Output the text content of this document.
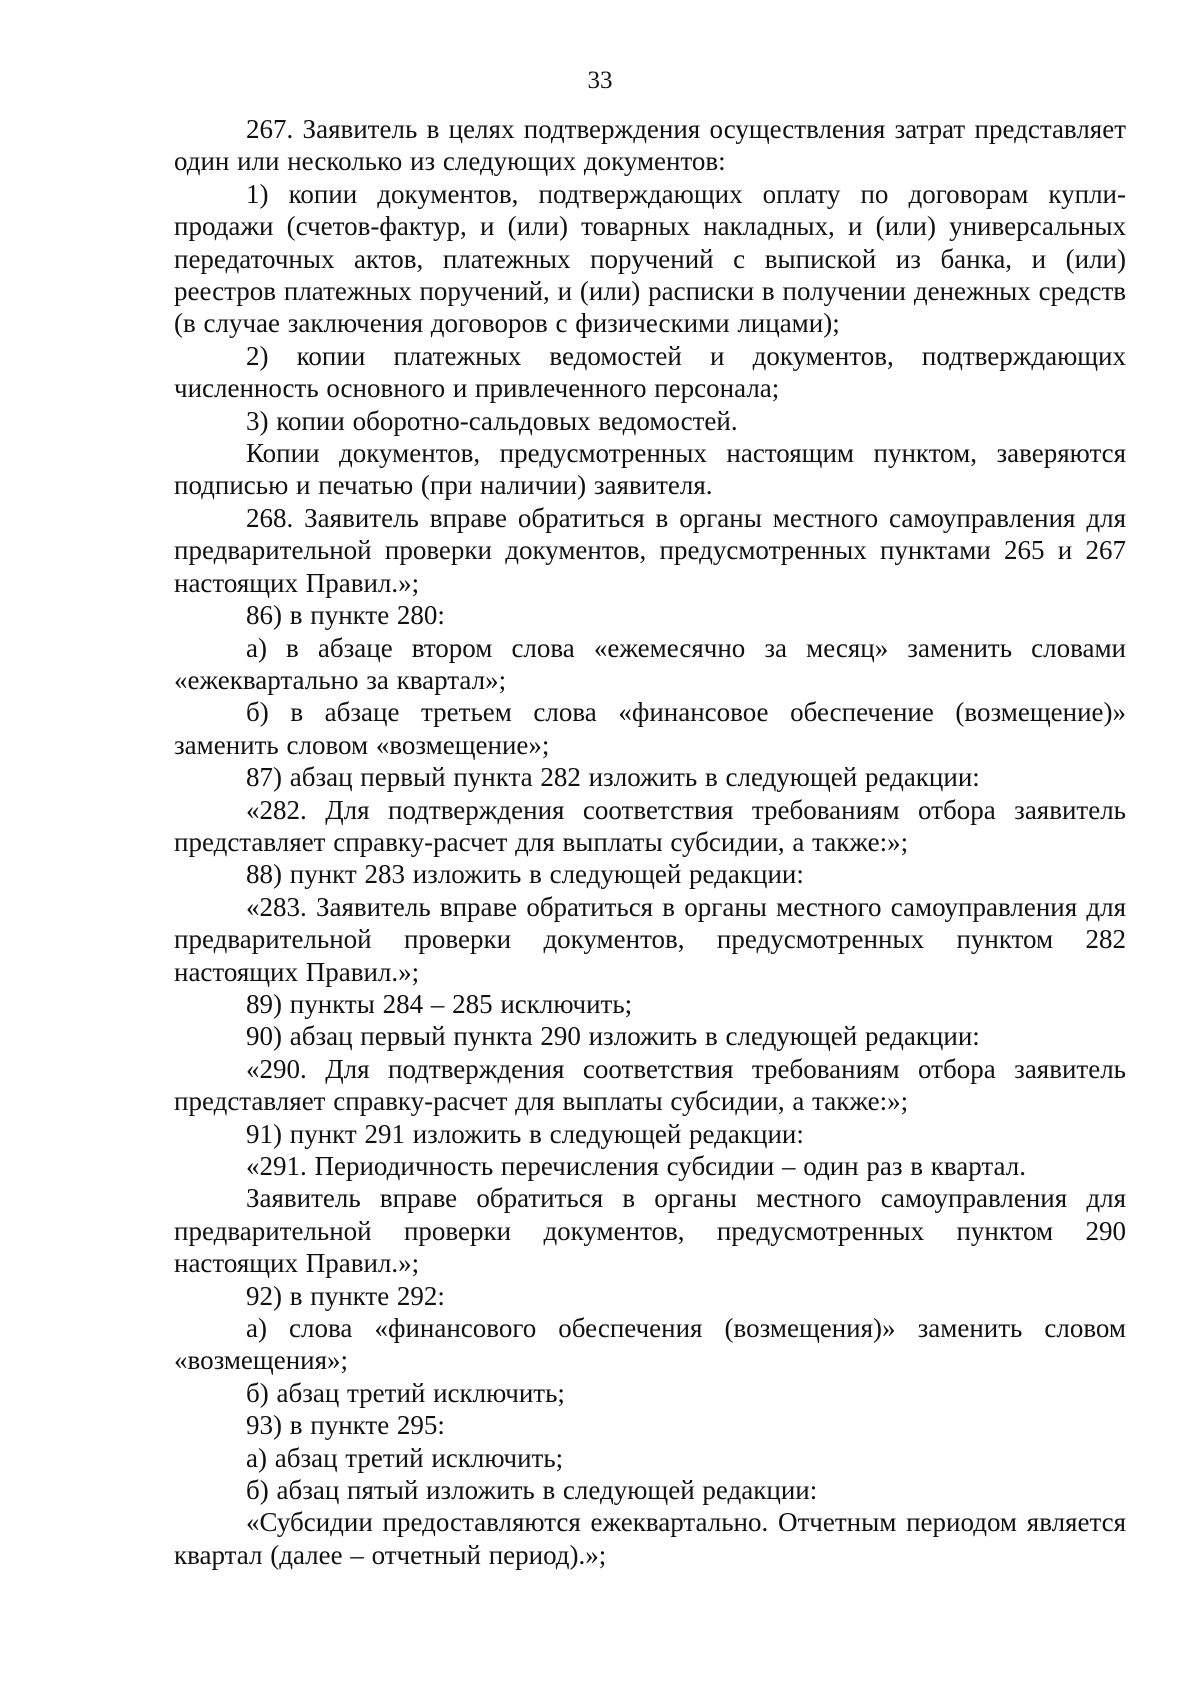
33

267. Заявитель в целях подтверждения осуществления затрат представляет один или несколько из следующих документов:

1) копии документов, подтверждающих оплату по договорам купли-продажи (счетов-фактур, и (или) товарных накладных, и (или) универсальных передаточных актов, платежных поручений с выпиской из банка, и (или) реестров платежных поручений, и (или) расписки в получении денежных средств (в случае заключения договоров с физическими лицами);

2) копии платежных ведомостей и документов, подтверждающих численность основного и привлеченного персонала;

3) копии оборотно-сальдовых ведомостей.

Копии документов, предусмотренных настоящим пунктом, заверяются подписью и печатью (при наличии) заявителя.

268. Заявитель вправе обратиться в органы местного самоуправления для предварительной проверки документов, предусмотренных пунктами 265 и 267 настоящих Правил.»;

86) в пункте 280:

а) в абзаце втором слова «ежемесячно за месяц» заменить словами «ежеквартально за квартал»;

б) в абзаце третьем слова «финансовое обеспечение (возмещение)» заменить словом «возмещение»;

87) абзац первый пункта 282 изложить в следующей редакции:

«282. Для подтверждения соответствия требованиям отбора заявитель представляет справку-расчет для выплаты субсидии, а также:»;

88) пункт 283 изложить в следующей редакции:

«283. Заявитель вправе обратиться в органы местного самоуправления для предварительной проверки документов, предусмотренных пунктом 282 настоящих Правил.»;

89) пункты 284 – 285 исключить;

90) абзац первый пункта 290 изложить в следующей редакции:

«290. Для подтверждения соответствия требованиям отбора заявитель представляет справку-расчет для выплаты субсидии, а также:»;

91) пункт 291 изложить в следующей редакции:

«291. Периодичность перечисления субсидии – один раз в квартал.

Заявитель вправе обратиться в органы местного самоуправления для предварительной проверки документов, предусмотренных пунктом 290 настоящих Правил.»;

92) в пункте 292:

а) слова «финансового обеспечения (возмещения)» заменить словом «возмещения»;

б) абзац третий исключить;

93) в пункте 295:

а) абзац третий исключить;

б) абзац пятый изложить в следующей редакции:

«Субсидии предоставляются ежеквартально. Отчетным периодом является квартал (далее – отчетный период).»;
